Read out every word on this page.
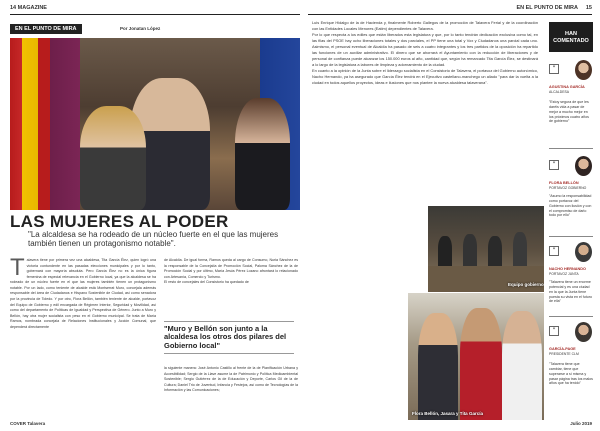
14 MAGAZINE
EN EL PUNTO DE MIRA	Por Jonatan López
LAS MUJERES AL PODER
"La alcaldesa se ha rodeado de un núcleo fuerte en el que las mujeres también tienen un protagonismo notable".
Talavera tiene por primera vez una alcaldesa, Tita García Élez, quien logró una victoria contundente en las pasadas elecciones municipales y por lo tanto, gobernará con mayoría absoluta. Pero García Élez no es la única figura femenina de especial relevancia en el Gobierno local, ya que la alcaldesa se ha rodeado de un núcleo fuerte en el que las mujeres también tienen un protagonismo notable. Por un lado, como teniente de alcalde está Montserrat Muro, concejala además responsable del área de Ciudadanos e Hispano Sostenible de Ciudad, así como senadora por la provincia de Toledo. Y por otro, Flora Bellón, también teniente de alcalde, portavoz del Equipo de Gobierno y edil encargada de Régimen Interior, Seguridad y Movilidad, así como del departamento de Políticas de Igualdad y Perspectiva de Género. Junto a Muro y Bellón, hay otra mujer socialista con peso en el Gobierno municipal. Se trata de María Ramos, nombrada concejala de Relaciones Institucionales y Acción Comunal, que dependerá directamente
de Alcaldía. De igual forma, Ramos queda al cargo de Consumo, Nuria Sánchez es la responsable de la Concejalía de Promoción Social, Paloma Sánchez de la de Promoción Social y por último, María Jesús Pérez Lozano afrontará lo relacionado con Artesanía, Comercio y Turismo.
El resto de concejales del Consistorio ha quedado de
"Muro y Bellón son junto a la alcaldesa los otros dos pilares del Gobierno local"
la siguiente manera: José Antonio Castillo al frente de la de Planificación Urbana y Accesibilidad; Sergio de la Llave asume la de Patrimonio y Política Medioambiental Sostenible; Sergio Gutiérrez de la de Educación y Deporte, Carlos Gil de la de Cultura; Daniel Trio de Juventud, Infancia y Festejos, así como de Tecnologías de la Información y las Comunicaciones;
COVER Talavera
EN EL PUNTO DE MIRA 15
Luis Enrique Hidalgo de la de Hacienda y, finalmente Roberto Gallegos de la promoción de Talavera Ferial y de la coordinación con las Entidades Locales Menores (Eatim) dependientes de Talavera.
Por lo que respecta a los ediles que están liberados esta legislatura y que, por lo tanto tendrán dedicación exclusiva como tal, en las filas del PSOE hay ocho liberaciones totales y dos parciales, el PP tiene una total y Vox y Ciudadanos una parcial cada uno. Asimismo, el personal eventual de Alcaldía ha pasado de seis a cuatro integrantes y los tres partidos de la oposición ha repartido las funciones de un auxiliar administrativo. El dinero que se ahorrará el Ayuntamiento con la reducción de liberaciones y de personal de confianza puede alcanzar los 150.000 euros al año, cantidad que, según ha remarcado Tita García Élez, se destinará a lo largo de la legislatura a labores de limpieza y adornamiento de la ciudad.
En cuanto a la opinión de la Junta sobre el liderazgo socialista en el Consistorio de Talavera, el portavoz del Gobierno autonómico, Nacho Hernando, ya ha asegurado que García Élez tendrá en el Ejecutivo castellano-manchego un aliado "para dar la vuelta a la ciudad en todos aquellos proyectos, ideas e ilusiones que nos plantee la nueva alcaldesa talaverana".
Equipo gobierno
Flora Bellón, Jasara y Tita García
HAN COMENTADO
"
AGUSTINA GARCÍA
ALCALDESA
"Estoy segura de que les daréis vida a pasar de mejor a mucho mejor en los próximos cuatro años de gobierno"
"
FLORA BELLÓN
PORTAVOZ GOBIERNO
"Asumo la responsabilidad como portavoz del Gobierno con ilusión y con el compromiso de darlo todo por ello"
"
NACHO HERNANDO
PORTAVOZ JUNTA
"Talavera tiene un enorme potencial y es una ciudad en la que la Junta tiene puesta su vista en el futuro de ella"
"
GARCÍA-PAGE
PRESIDENTE CLM
"Talavera tiene que cambiar, tiene que superarse a sí misma y pasar página tras los malos años que ha tenido"
Julio 2019
